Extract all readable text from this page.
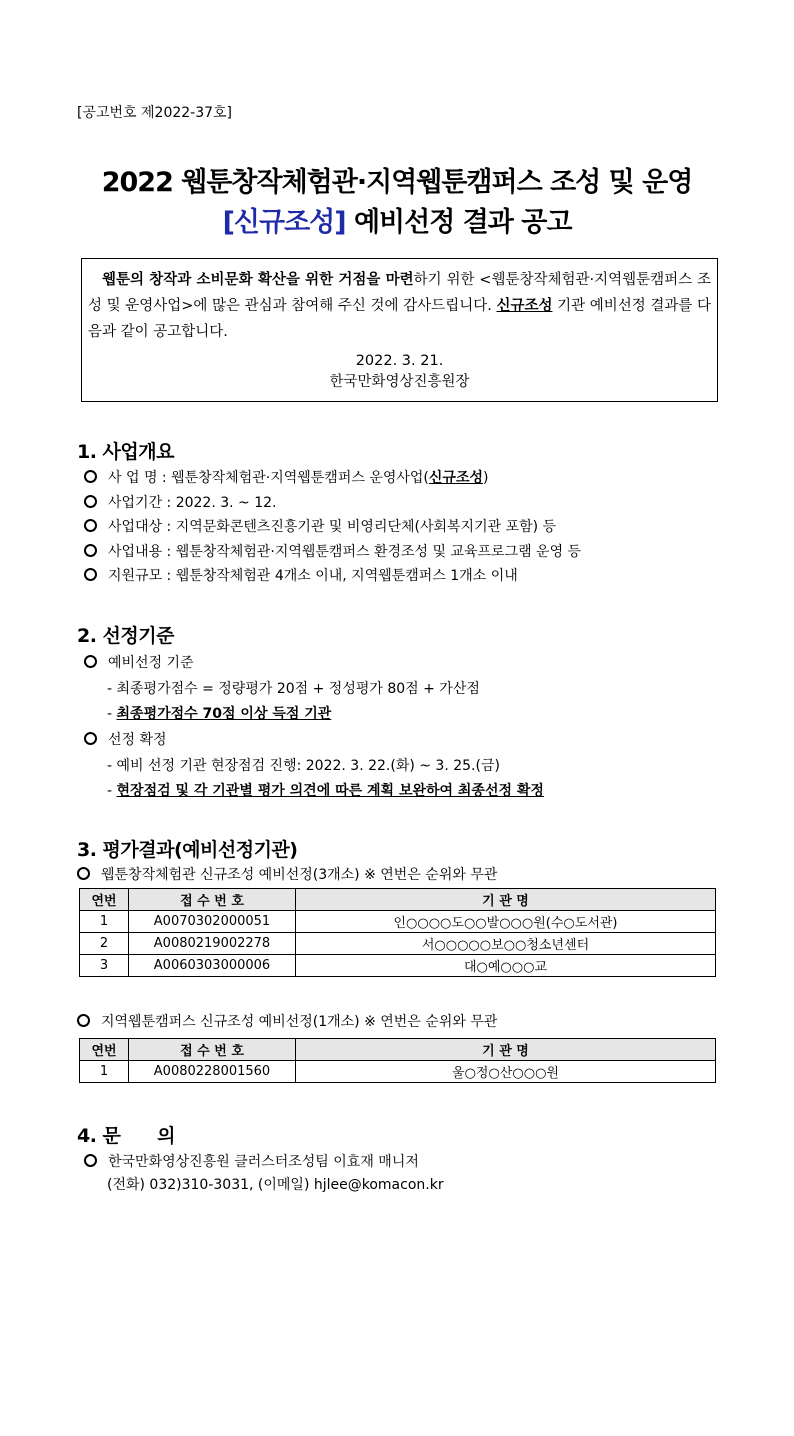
[공고번호 제2022-37호]
2022 웹툰창작체험관·지역웹툰캠퍼스 조성 및 운영
[신규조성] 예비선정 결과 공고

웹툰의 창작과 소비문화 확산을 위한 거점을 마련하기 위한 <웹툰창작체험관·지역웹툰캠퍼스 조성 및 운영사업>에 많은 관심과 참여해 주신 것에 감사드립니다. 신규조성 기관 예비선정 결과를 다음과 같이 공고합니다.

2022. 3. 21.

한국만화영상진흥원장

1. 사업개요
사 업 명 : 웹툰창작체험관·지역웹툰캠퍼스 운영사업(신규조성)
사업기간 : 2022. 3. ~ 12.
사업대상 : 지역문화콘텐츠진흥기관 및 비영리단체(사회복지기관 포함) 등
사업내용 : 웹툰창작체험관·지역웹툰캠퍼스 환경조성 및 교육프로그램 운영 등
지원규모 : 웹툰창작체험관 4개소 이내, 지역웹툰캠퍼스 1개소 이내
2. 선정기준
예비선정 기준
- 최종평가점수 = 정량평가 20점 + 정성평가 80점 + 가산점
- 최종평가점수 70점 이상 득점 기관
선정 확정
- 예비 선정 기관 현장점검 진행: 2022. 3. 22.(화) ~ 3. 25.(금)
- 현장점검 및 각 기관별 평가 의견에 따른 계획 보완하여 최종선정 확정
3. 평가결과(예비선정기관)
웹툰창작체험관 신규조성 예비선정(3개소) ※ 연번은 순위와 무관
연번	접 수 번 호	기 관 명
1	A0070302000051	인○○○○도○○발○○○원(수○도서관)
2	A0080219002278	서○○○○○보○○청소년센터
3	A0060303000006	대○예○○○교
지역웹툰캠퍼스 신규조성 예비선정(1개소) ※ 연번은 순위와 무관
연번	접 수 번 호	기 관 명
1	A0080228001560	울○정○산○○○원
4. 문      의
한국만화영상진흥원 클러스터조성팀 이효재 매니저
(전화) 032)310-3031, (이메일) hjlee@komacon.kr
